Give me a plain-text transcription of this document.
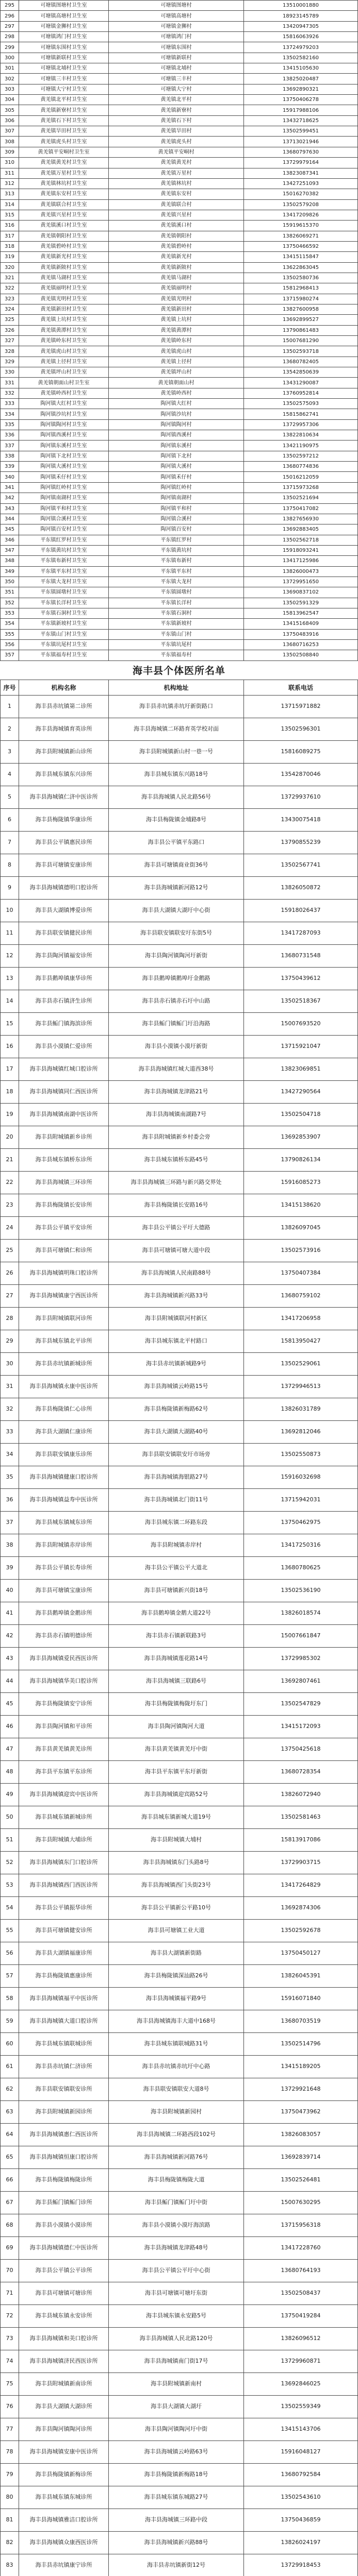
295	可塘镇图塘村卫生室	可塘镇图塘村	13510001880
296	可塘镇高塘村卫生室	可塘镇高塘村	18923145789
297	可塘镇金狮村卫生室	可塘镇金狮村	13420947305
298	可塘镇鸿门村卫生室	可塘镇鸿门村	15816063926
299	可塘镇东围村卫生室	可塘镇东围村	13724979203
300	可塘镇新联村卫生室	可塘镇新联村	13502582160
301	可塘镇北埔村卫生室	可塘镇北埔村	13415105630
302	可塘镇三丰村卫生室	可塘镇三丰村	13825020487
303	可塘镇大宁村卫生室	可塘镇大宁村	13692890321
304	黄羌镇北平村卫生室	黄羌镇北平村	13750406278
305	黄羌镇新寮村卫生室	黄羌镇新寮村	15917988106
306	黄羌镇石下村卫生室	黄羌镇石下村	13432718625
307	黄羌镇旱田村卫生室	黄羌镇旱田村	13502599451
308	黄羌镇虎头村卫生室	黄羌镇虎头村	13713021946
309	黄羌镇平安峒村卫生室	黄羌镇平安峒村	13680797630
310	黄羌镇黄羌村卫生室	黄羌镇黄羌村	13729979164
311	黄羌镇万星村卫生室	黄羌镇万星村	13823087341
312	黄羌镇林坑村卫生室	黄羌镇林坑村	13427251093
313	黄羌镇东安村卫生室	黄羌镇东安村	15016270382
314	黄羌镇联合村卫生室	黄羌镇联合村	13502579208
315	黄羌镇兴星村卫生室	黄羌镇兴星村	13417209826
316	黄羌镇溪口村卫生室	黄羌镇溪口村	15919615370
317	黄羌镇朝阳村卫生室	黄羌镇朝阳村	13826069271
318	黄羌镇碧岭村卫生室	黄羌镇碧岭村	13750466592
319	黄羌镇新光村卫生室	黄羌镇新光村	13415115847
320	黄羌镇新陂村卫生室	黄羌镇新陂村	13622863045
321	黄羌镇马湖村卫生室	黄羌镇马湖村	13502580736
322	黄羌镇丽明村卫生室	黄羌镇丽明村	15812968413
323	黄羌镇光明村卫生室	黄羌镇光明村	13715980274
324	黄羌镇新田村卫生室	黄羌镇新田村	13827600958
325	黄羌镇上坑村卫生室	黄羌镇上坑村	13692899527
326	黄羌镇黄潭村卫生室	黄羌镇黄潭村	13790861483
327	黄羌镇岭东村卫生室	黄羌镇岭东村	15007681290
328	黄羌镇虎山村卫生室	黄羌镇虎山村	13502593718
329	黄羌镇上径村卫生室	黄羌镇上径村	13680782405
330	黄羌镇坪山村卫生室	黄羌镇坪山村	13542850639
331	黄羌镇朝面山村卫生室	黄羌镇朝面山村	13431290087
332	黄羌镇岭西村卫生室	黄羌镇岭西村	13760952814
333	陶河镇大红村卫生室	陶河镇大红村	13502575093
334	陶河镇沙坑村卫生室	陶河镇沙坑村	15815862741
335	陶河镇陶河村卫生室	陶河镇陶河村	13729957306
336	陶河镇西溪村卫生室	陶河镇西溪村	13822810634
337	陶河镇东溪村卫生室	陶河镇东溪村	13421190975
338	陶河镇下北村卫生室	陶河镇下北村	13502597212
339	陶河镇大溪村卫生室	陶河镇大溪村	13680774836
340	陶河镇禾仔村卫生室	陶河镇禾仔村	15016212059
341	陶河镇红岭村卫生室	陶河镇红岭村	13715973268
342	陶河镇南湖村卫生室	陶河镇南湖村	13502521694
343	陶河镇平和村卫生室	陶河镇平和村	13750417082
344	陶河镇合溪村卫生室	陶河镇合溪村	13827656930
345	陶河镇百安村卫生室	陶河镇百安村	13692883405
346	平东镇红罗村卫生室	平东镇红罗村	13502562718
347	平东镇黄坑村卫生室	平东镇黄坑村	15918093241
348	平东镇布新村卫生室	平东镇布新村	13417125986
349	平东镇平东村卫生室	平东镇平东村	13826000473
350	平东镇大龙村卫生室	平东镇大龙村	13729951650
351	平东镇圆墩村卫生室	平东镇圆墩村	13690837102
352	平东镇长洋村卫生室	平东镇长洋村	13502591329
353	平东镇石洞村卫生室	平东镇石洞村	15813962547
354	平东镇新坡村卫生室	平东镇新坡村	13415168409
355	平东镇山门村卫生室	平东镇山门村	13750483916
356	平东镇坑尾村卫生室	平东镇坑尾村	13680716253
357	平东镇福寿村卫生室	平东镇福寿村	13502508840
海丰县个体医所名单
序号	机构名称	机构地址	联系电话
1	海丰县赤坑镇第二诊所	海丰县赤坑镇赤坑圩新街路口	13715971882
2	海丰县海城镇育英诊所	海丰县海城镇二环路育英学校对面	13502596301
3	海丰县附城镇新山诊所	海丰县附城镇新山村一巷一号	15816089275
4	海丰县城东镇东兴诊所	海丰县城东镇东兴路18号	13542870046
5	海丰县海城镇仁济中医诊所	海丰县海城镇人民北路56号	13729937610
6	海丰县梅陇镇华康诊所	海丰县梅陇镇金埔路8号	13430075418
7	海丰县公平镇惠民诊所	海丰县公平镇平东路口	13790855239
8	海丰县可塘镇安康诊所	海丰县可塘镇商业街36号	13502567741
9	海丰县海城镇德明口腔诊所	海丰县海城镇新河路12号	13826050872
10	海丰县大湖镇博爱诊所	海丰县大湖镇大湖圩中心街	15918026437
11	海丰县联安镇健民诊所	海丰县联安镇联安圩东街5号	13417287093
12	海丰县陶河镇福安诊所	海丰县陶河镇陶河圩新街	13680731548
13	海丰县鹅埠镇康华诊所	海丰县鹅埠镇鹅埠圩金鹅路	13750439612
14	海丰县赤石镇济生诊所	海丰县赤石镇赤石圩中山路	13502518367
15	海丰县鲘门镇海滨诊所	海丰县鲘门镇鲘门圩沿海路	15007693520
16	海丰县小漠镇仁爱诊所	海丰县小漠镇小漠圩新街	13715921047
17	海丰县海城镇红城口腔诊所	海丰县海城镇红城大道西38号	13823069851
18	海丰县海城镇同仁西医诊所	海丰县海城镇龙津路21号	13427290564
19	海丰县海城镇南湖中医诊所	海丰县海城镇南湖路7号	13502504718
20	海丰县附城镇新乡诊所	海丰县附城镇新乡村委会旁	13692853907
21	海丰县城东镇桥东诊所	海丰县城东镇桥东路45号	13790826134
22	海丰县海城镇三环诊所	海丰县海城镇三环路与新兴路交界处	15916085273
23	海丰县梅陇镇长安诊所	海丰县梅陇镇长安路16号	13415138620
24	海丰县公平镇平安诊所	海丰县公平镇公平圩大德路	13826097045
25	海丰县可塘镇仁和诊所	海丰县可塘镇可塘大道中段	13502573916
26	海丰县海城镇明珠口腔诊所	海丰县海城镇人民南路88号	13750407384
27	海丰县海城镇康宁西医诊所	海丰县海城镇新兴路33号	13680759102
28	海丰县附城镇联河诊所	海丰县附城镇联河村新区	13417206958
29	海丰县城东镇北平诊所	海丰县城东镇北平村路口	15813950427
30	海丰县赤坑镇新城诊所	海丰县赤坑镇新城路9号	13502529061
31	海丰县海城镇永康中医诊所	海丰县海城镇云岭路15号	13729946513
32	海丰县梅陇镇仁心诊所	海丰县梅陇镇新梅路62号	13826031789
33	海丰县大湖镇仁康诊所	海丰县大湖镇大湖路40号	13692812046
34	海丰县联安镇康乐诊所	海丰县联安镇联安圩市场旁	13502550873
35	海丰县海城镇健康口腔诊所	海丰县海城镇海银路27号	15916032698
36	海丰县海城镇益寿中医诊所	海丰县海城镇北门街11号	13715942031
37	海丰县城东镇城东诊所	海丰县城东镇二环路东段	13750462975
38	海丰县附城镇赤岸诊所	海丰县附城镇赤岸村	13417250316
39	海丰县公平镇长寿诊所	海丰县公平镇公平大道北	13680780625
40	海丰县可塘镇宝康诊所	海丰县可塘镇新兴街18号	13502536190
41	海丰县鹅埠镇金鹅诊所	海丰县鹅埠镇金鹅大道22号	13826018574
42	海丰县赤石镇明德诊所	海丰县赤石镇新联路3号	15007661847
43	海丰县海城镇爱民西医诊所	海丰县海城镇莲花路14号	13729985302
44	海丰县海城镇华美口腔诊所	海丰县海城镇三联路6号	13692807461
45	海丰县梅陇镇安宁诊所	海丰县梅陇镇梅陇圩东门	13502547829
46	海丰县陶河镇和平诊所	海丰县陶河镇陶河大道	13415172093
47	海丰县黄羌镇黄羌诊所	海丰县黄羌镇黄羌圩中街	13750425618
48	海丰县平东镇平东诊所	海丰县平东镇平东圩新街	13680728354
49	海丰县海城镇迎宾中医诊所	海丰县海城镇迎宾路52号	13826072940
50	海丰县城东镇新城诊所	海丰县城东镇新城大道19号	13502581463
51	海丰县附城镇大埔诊所	海丰县附城镇大埔村	15813917086
52	海丰县海城镇东门口腔诊所	海丰县海城镇东门头路8号	13729903715
53	海丰县海城镇西门西医诊所	海丰县海城镇西门头街23号	13417264829
54	海丰县公平镇振华诊所	海丰县公平镇新公平路10号	13692874306
55	海丰县可塘镇健安诊所	海丰县可塘镇工业大道	13502592678
56	海丰县大湖镇福康诊所	海丰县大湖镇新街路	13750450127
57	海丰县梅陇镇惠康诊所	海丰县梅陇镇深汕路26号	13826045391
58	海丰县海城镇福平中医诊所	海丰县海城镇福平路9号	15916071840
59	海丰县海城镇大道口腔诊所	海丰县海城镇海丰大道中168号	13680703519
60	海丰县城东镇联城诊所	海丰县城东镇联城路31号	13502514796
61	海丰县赤坑镇仁济诊所	海丰县赤坑镇赤坑圩中心路	13415189205
62	海丰县联安镇联安诊所	海丰县联安镇联安大道8号	13729921648
63	海丰县附城镇新园诊所	海丰县附城镇新园村	13750473962
64	海丰县海城镇惠仁西医诊所	海丰县海城镇二环路西段102号	13826083057
65	海丰县海城镇恒康口腔诊所	海丰县海城镇新河路76号	13692839714
66	海丰县梅陇镇梅陇诊所	海丰县梅陇镇梅陇大道	13502526481
67	海丰县鲘门镇鲘门诊所	海丰县鲘门镇鲘门圩中街	15007630295
68	海丰县小漠镇小漠诊所	海丰县小漠镇小漠圩海滨路	13715956318
69	海丰县海城镇德仁中医诊所	海丰县海城镇龙津路48号	13417228760
70	海丰县公平镇公平诊所	海丰县公平镇公平圩中心街	13680764193
71	海丰县可塘镇可塘诊所	海丰县可塘镇可塘圩东街	13502508437
72	海丰县城东镇永安诊所	海丰县城东镇永安路5号	13750419284
73	海丰县海城镇和美口腔诊所	海丰县海城镇人民北路120号	13826096512
74	海丰县海城镇济民西医诊所	海丰县海城镇南门街17号	13729960871
75	海丰县附城镇新南诊所	海丰县附城镇新南村	13692846025
76	海丰县大湖镇大湖诊所	海丰县大湖镇大湖圩	13502559349
77	海丰县陶河镇陶河诊所	海丰县陶河镇陶河圩中街	13415143706
78	海丰县海城镇安康中医诊所	海丰县海城镇云岭路63号	15916048127
79	海丰县梅陇镇新梅诊所	海丰县梅陇镇新梅路18号	13680792584
80	海丰县城东镇东城诊所	海丰县城东镇东城路27号	13502543610
81	海丰县海城镇雅洁口腔诊所	海丰县海城镇三环路中段	13750436859
82	海丰县海城镇众康西医诊所	海丰县海城镇新兴路88号	13826024197
83	海丰县赤坑镇康宁诊所	海丰县赤坑镇新街12号	13729918453
